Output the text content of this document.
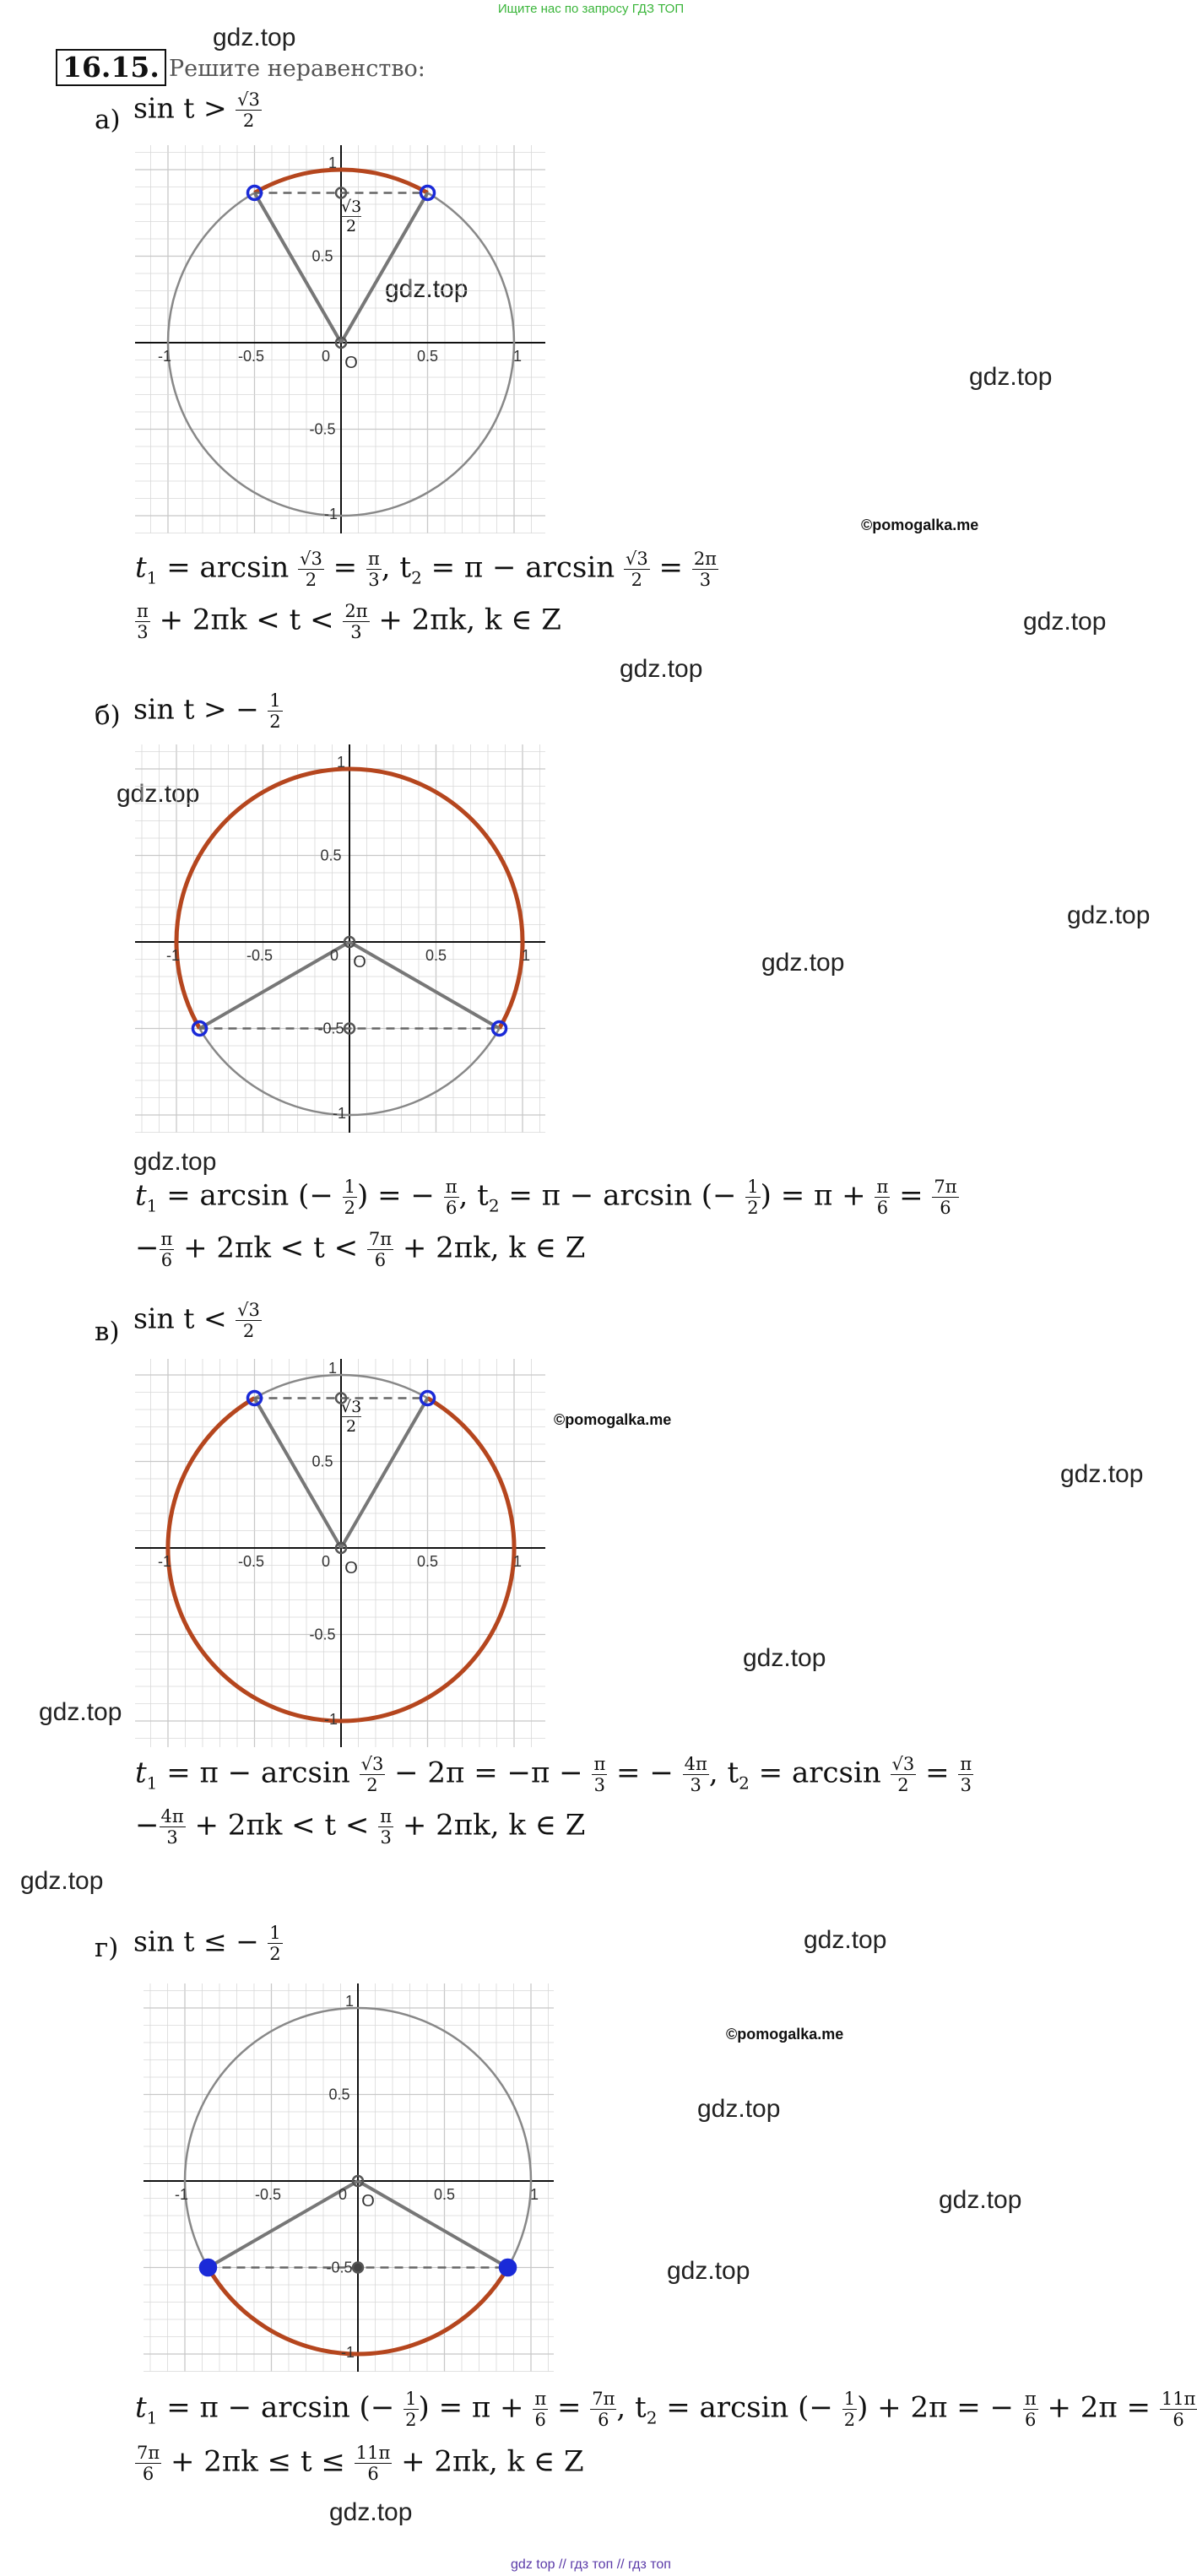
Ищите нас по запросу ГДЗ ТОП
16.15. Решите неравенство:
gdz.top
gdz.top
gdz.top
gdz.top
gdz.top
gdz.top
gdz.top
gdz.top
gdz.top
gdz.top
gdz.top
gdz.top
gdz.top
gdz.top
gdz.top
gdz.top
gdz.top
gdz.top
©pomogalka.me
©pomogalka.me
©pomogalka.me
а) $\sin t > \frac{√3}{2}$
1
0.5
-0.5
-1
-1	-0.5	0	0.5	1
O
√3
2
$t_1 = \arcsin \frac{√3}{2} = \frac{\pi}{3}$ , $t_2 = \pi - \arcsin \frac{√3}{2} = \frac{2\pi}{3}$
$\frac{\pi}{3} + 2\pi k < t < \frac{2\pi}{3} + 2\pi k$, k ∈ Z
б) sin t > − $\frac{1}{2}$
1
0.5
-0.5
-1
-1	-0.5	0	0.5	1
O
$t_1 = \arcsin$ (− $\frac{1}{2}$ ) = − $\frac{\pi}{6}$ , $t_2 = \pi - \arcsin$ (− $\frac{1}{2}$ ) = $\pi + \frac{\pi}{6} = \frac{7\pi}{6}$
− $\frac{\pi}{6} + 2\pi k < t < \frac{7\pi}{6} + 2\pi k$, k ∈ Z
в) $\sin t < \frac{√3}{2}$
1
0.5
-0.5
-1
-1	-0.5	0	0.5	1
O
√3
2
$t_1 = \pi - \arcsin \frac{√3}{2} - 2\pi = -\pi - \frac{\pi}{3}$ = − $\frac{4\pi}{3}$ , $t_2 = \arcsin \frac{√3}{2} = \frac{\pi}{3}$
− $\frac{4\pi}{3} + 2\pi k < t < \frac{\pi}{3} + 2\pi k$, k ∈ Z
г) sin t ≤ − $\frac{1}{2}$
1
0.5
-0.5
-1
-1	-0.5	0	0.5	1
O
$t_1 = \pi - \arcsin$ (− $\frac{1}{2}$ ) = $\pi + \frac{\pi}{6} = \frac{7\pi}{6}$ , $t_2 = \arcsin$ (− $\frac{1}{2}$ ) + 2π = − $\frac{\pi}{6} + 2\pi = \frac{11\pi}{6}$
$\frac{7\pi}{6} + 2\pi k \le t \le \frac{11\pi}{6} + 2\pi k$, k ∈ Z
gdz top // гдз топ // гдз топ
